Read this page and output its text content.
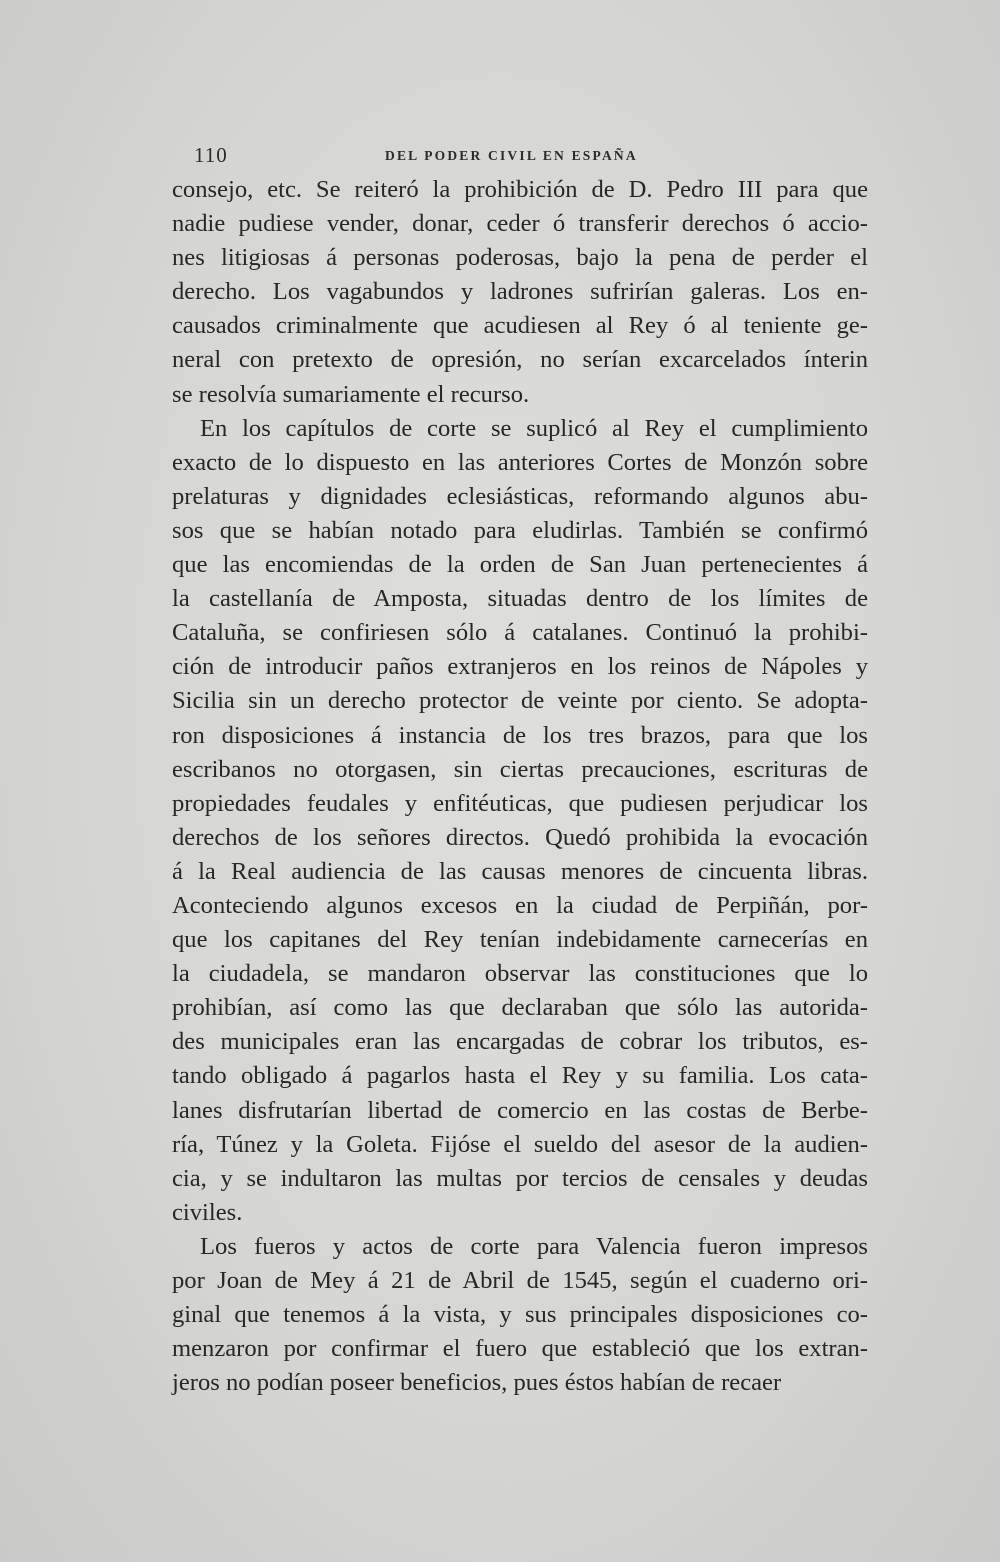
110	DEL PODER CIVIL EN ESPAÑA
consejo, etc. Se reiteró la prohibición de D. Pedro III para que
nadie pudiese vender, donar, ceder ó transferir derechos ó accio-
nes litigiosas á personas poderosas, bajo la pena de perder el
derecho. Los vagabundos y ladrones sufrirían galeras. Los en-
causados criminalmente que acudiesen al Rey ó al teniente ge-
neral con pretexto de opresión, no serían excarcelados ínterin
se resolvía sumariamente el recurso.
En los capítulos de corte se suplicó al Rey el cumplimiento
exacto de lo dispuesto en las anteriores Cortes de Monzón sobre
prelaturas y dignidades eclesiásticas, reformando algunos abu-
sos que se habían notado para eludirlas. También se confirmó
que las encomiendas de la orden de San Juan pertenecientes á
la castellanía de Amposta, situadas dentro de los límites de
Cataluña, se confiriesen sólo á catalanes. Continuó la prohibi-
ción de introducir paños extranjeros en los reinos de Nápoles y
Sicilia sin un derecho protector de veinte por ciento. Se adopta-
ron disposiciones á instancia de los tres brazos, para que los
escribanos no otorgasen, sin ciertas precauciones, escrituras de
propiedades feudales y enfitéuticas, que pudiesen perjudicar los
derechos de los señores directos. Quedó prohibida la evocación
á la Real audiencia de las causas menores de cincuenta libras.
Aconteciendo algunos excesos en la ciudad de Perpiñán, por-
que los capitanes del Rey tenían indebidamente carnecerías en
la ciudadela, se mandaron observar las constituciones que lo
prohibían, así como las que declaraban que sólo las autorida-
des municipales eran las encargadas de cobrar los tributos, es-
tando obligado á pagarlos hasta el Rey y su familia. Los cata-
lanes disfrutarían libertad de comercio en las costas de Berbe-
ría, Túnez y la Goleta. Fijóse el sueldo del asesor de la audien-
cia, y se indultaron las multas por tercios de censales y deudas
civiles.
Los fueros y actos de corte para Valencia fueron impresos
por Joan de Mey á 21 de Abril de 1545, según el cuaderno ori-
ginal que tenemos á la vista, y sus principales disposiciones co-
menzaron por confirmar el fuero que estableció que los extran-
jeros no podían poseer beneficios, pues éstos habían de recaer
